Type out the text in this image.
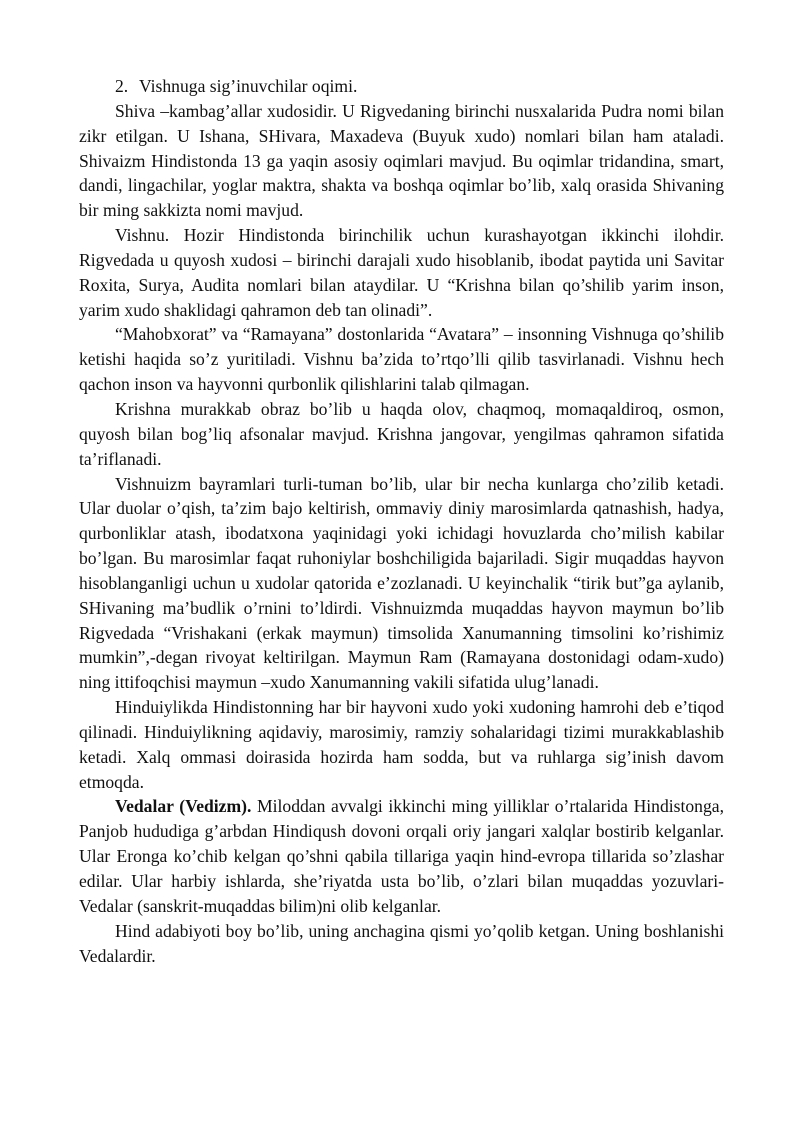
2. Vishnuga sig’inuvchilar oqimi.

Shiva –kambag’allar xudosidir. U Rigvedaning birinchi nusxalarida Pudra nomi bilan zikr etilgan. U Ishana, SHivara, Maxadeva (Buyuk xudo) nomlari bilan ham ataladi. Shivaizm Hindistonda 13 ga yaqin asosiy oqimlari mavjud. Bu oqimlar tridandina, smart, dandi, lingachilar, yoglar maktra, shakta va boshqa oqimlar bo’lib, xalq orasida Shivaning bir ming sakkizta nomi mavjud.

Vishnu. Hozir Hindistonda birinchilik uchun kurashayotgan ikkinchi ilohdir. Rigvedada u quyosh xudosi – birinchi darajali xudo hisoblanib, ibodat paytida uni Savitar Roxita, Surya, Audita nomlari bilan ataydilar. U “Krishna bilan qo’shilib yarim inson, yarim xudo shaklidagi qahramon deb tan olinadi”.

“Mahobxorat” va “Ramayana” dostonlarida “Avatara” – insonning Vishnuga qo’shilib ketishi haqida so’z yuritiladi. Vishnu ba’zida to’rtqo’lli qilib tasvirlanadi. Vishnu hech qachon inson va hayvonni qurbonlik qilishlarini talab qilmagan.

Krishna murakkab obraz bo’lib u haqda olov, chaqmoq, momaqaldiroq, osmon, quyosh bilan bog’liq afsonalar mavjud. Krishna jangovar, yengilmas qahramon sifatida ta’riflanadi.

Vishnuizm bayramlari turli-tuman bo’lib, ular bir necha kunlarga cho’zilib ketadi. Ular duolar o’qish, ta’zim bajo keltirish, ommaviy diniy marosimlarda qatnashish, hadya, qurbonliklar atash, ibodatxona yaqinidagi yoki ichidagi hovuzlarda cho’milish kabilar bo’lgan. Bu marosimlar faqat ruhoniylar boshchiligida bajariladi. Sigir muqaddas hayvon hisoblanganligi uchun u xudolar qatorida e’zozlanadi. U keyinchalik “tirik but”ga aylanib, SHivaning ma’budlik o’rnini to’ldirdi. Vishnuizmda muqaddas hayvon maymun bo’lib Rigvedada “Vrishakani (erkak maymun) timsolida Xanumanning timsolini ko’rishimiz mumkin”,-degan rivoyat keltirilgan. Maymun Ram (Ramayana dostonidagi odam-xudo) ning ittifoqchisi maymun –xudo Xanumanning vakili sifatida ulug’lanadi.

Hinduiylikda Hindistonning har bir hayvoni xudo yoki xudoning hamrohi deb e’tiqod qilinadi. Hinduiylikning aqidaviy, marosimiy, ramziy sohalaridagi tizimi murakkablashib ketadi. Xalq ommasi doirasida hozirda ham sodda, but va ruhlarga sig’inish davom etmoqda.

Vedalar (Vedizm). Miloddan avvalgi ikkinchi ming yilliklar o’rtalarida Hindistonga, Panjob hududiga g’arbdan Hindiqush dovoni orqali oriy jangari xalqlar bostirib kelganlar. Ular Eronga ko’chib kelgan qo’shni qabila tillariga yaqin hind-evropa tillarida so’zlashar edilar. Ular harbiy ishlarda, she’riyatda usta bo’lib, o’zlari bilan muqaddas yozuvlari-Vedalar (sanskrit-muqaddas bilim)ni olib kelganlar.

Hind adabiyoti boy bo’lib, uning anchagina qismi yo’qolib ketgan. Uning boshlanishi Vedalardir.
